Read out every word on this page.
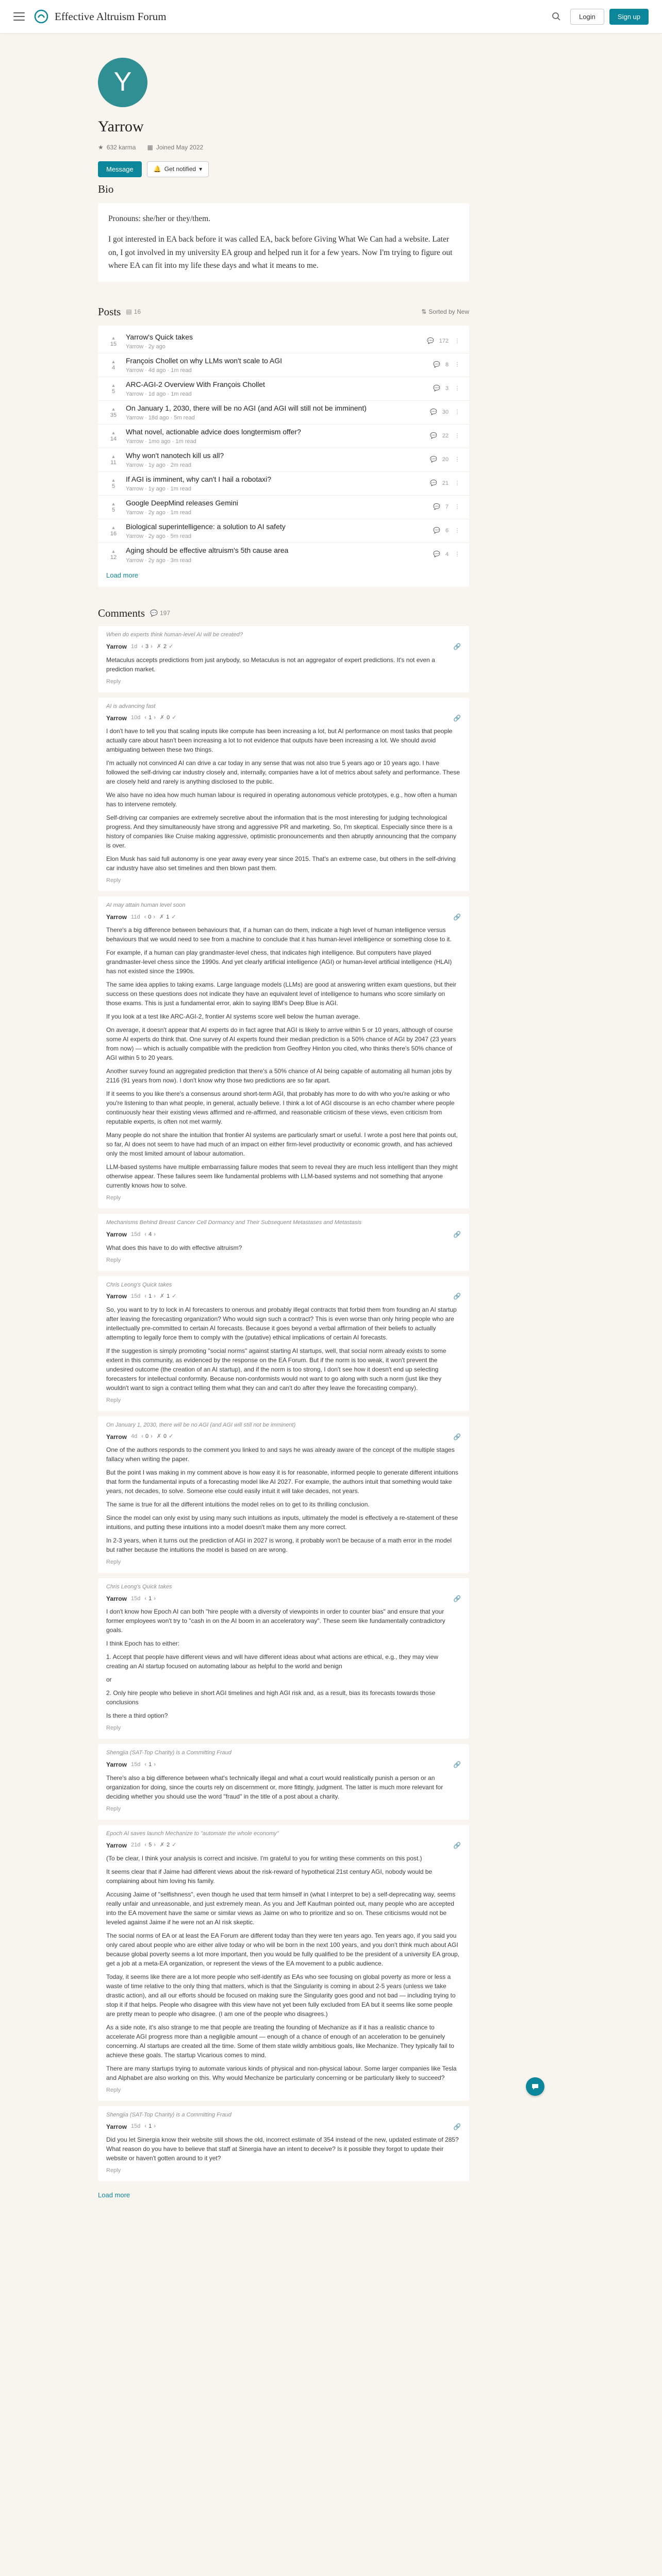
Effective Altruism Forum	Login	Sign up
Y
Yarrow
★ 632 karma ▦ Joined May 2022
Message	🔔 Get notified ▾
Bio

Pronouns: she/her or they/them.

I got interested in EA back before it was called EA, back before Giving What We Can had a website. Later on, I got involved in my university EA group and helped run it for a few years. Now I'm trying to figure out where EA can fit into my life these days and what it means to me.

Posts ▤ 16	⇅ Sorted by New
▲
15
Yarrow's Quick takes
Yarrow · 2y ago
💬 172 ⋮
▲
4
François Chollet on why LLMs won't scale to AGI
Yarrow · 4d ago · 1m read
💬 8 ⋮
▲
5
ARC-AGI-2 Overview With François Chollet
Yarrow · 1d ago · 1m read
💬 3 ⋮
▲
35
On January 1, 2030, there will be no AGI (and AGI will still not be imminent)
Yarrow · 18d ago · 5m read
💬 30 ⋮
▲
14
What novel, actionable advice does longtermism offer?
Yarrow · 1mo ago · 1m read
💬 22 ⋮
▲
11
Why won't nanotech kill us all?
Yarrow · 1y ago · 2m read
💬 20 ⋮
▲
5
If AGI is imminent, why can't I hail a robotaxi?
Yarrow · 1y ago · 1m read
💬 21 ⋮
▲
5
Google DeepMind releases Gemini
Yarrow · 2y ago · 1m read
💬 7 ⋮
▲
16
Biological superintelligence: a solution to AI safety
Yarrow · 2y ago · 5m read
💬 6 ⋮
▲
12
Aging should be effective altruism's 5th cause area
Yarrow · 2y ago · 3m read
💬 4 ⋮
Load more
Comments 💬 197
When do experts think human-level AI will be created?
Yarrow 1d ‹ 3 › ✗ 2 ✓	🔗

Metaculus accepts predictions from just anybody, so Metaculus is not an aggregator of expert predictions. It's not even a prediction market.

Reply
AI is advancing fast
Yarrow 10d ‹ 1 › ✗ 0 ✓	🔗

I don't have to tell you that scaling inputs like compute has been increasing a lot, but AI performance on most tasks that people actually care about hasn't been increasing a lot to not evidence that outputs have been increasing a lot. We should avoid ambiguating between these two things.

I'm actually not convinced AI can drive a car today in any sense that was not also true 5 years ago or 10 years ago. I have followed the self-driving car industry closely and, internally, companies have a lot of metrics about safety and performance. These are closely held and rarely is anything disclosed to the public.

We also have no idea how much human labour is required in operating autonomous vehicle prototypes, e.g., how often a human has to intervene remotely.

Self-driving car companies are extremely secretive about the information that is the most interesting for judging technological progress. And they simultaneously have strong and aggressive PR and marketing. So, I'm skeptical. Especially since there is a history of companies like Cruise making aggressive, optimistic pronouncements and then abruptly announcing that the company is over.

Elon Musk has said full autonomy is one year away every year since 2015. That's an extreme case, but others in the self-driving car industry have also set timelines and then blown past them.

Reply
AI may attain human level soon
Yarrow 11d ‹ 0 › ✗ 1 ✓	🔗

There's a big difference between behaviours that, if a human can do them, indicate a high level of human intelligence versus behaviours that we would need to see from a machine to conclude that it has human-level intelligence or something close to it.

For example, if a human can play grandmaster-level chess, that indicates high intelligence. But computers have played grandmaster-level chess since the 1990s. And yet clearly artificial intelligence (AGI) or human-level artificial intelligence (HLAI) has not existed since the 1990s.

The same idea applies to taking exams. Large language models (LLMs) are good at answering written exam questions, but their success on these questions does not indicate they have an equivalent level of intelligence to humans who score similarly on those exams. This is just a fundamental error, akin to saying IBM's Deep Blue is AGI.

If you look at a test like ARC-AGI-2, frontier AI systems score well below the human average.

On average, it doesn't appear that AI experts do in fact agree that AGI is likely to arrive within 5 or 10 years, although of course some AI experts do think that. One survey of AI experts found their median prediction is a 50% chance of AGI by 2047 (23 years from now) — which is actually compatible with the prediction from Geoffrey Hinton you cited, who thinks there's 50% chance of AGI within 5 to 20 years.

Another survey found an aggregated prediction that there's a 50% chance of AI being capable of automating all human jobs by 2116 (91 years from now). I don't know why those two predictions are so far apart.

If it seems to you like there's a consensus around short-term AGI, that probably has more to do with who you're asking or who you're listening to than what people, in general, actually believe. I think a lot of AGI discourse is an echo chamber where people continuously hear their existing views affirmed and re-affirmed, and reasonable criticism of these views, even criticism from reputable experts, is often not met warmly.

Many people do not share the intuition that frontier AI systems are particularly smart or useful. I wrote a post here that points out, so far, AI does not seem to have had much of an impact on either firm-level productivity or economic growth, and has achieved only the most limited amount of labour automation.

LLM-based systems have multiple embarrassing failure modes that seem to reveal they are much less intelligent than they might otherwise appear. These failures seem like fundamental problems with LLM-based systems and not something that anyone currently knows how to solve.

Reply
Mechanisms Behind Breast Cancer Cell Dormancy and Their Subsequent Metastases and Metastasis
Yarrow 15d ‹ 4 ›	🔗

What does this have to do with effective altruism?

Reply
Chris Leong's Quick takes
Yarrow 15d ‹ 1 › ✗ 1 ✓	🔗

So, you want to try to lock in AI forecasters to onerous and probably illegal contracts that forbid them from founding an AI startup after leaving the forecasting organization? Who would sign such a contract? This is even worse than only hiring people who are intellectually pre-committed to certain AI forecasts. Because it goes beyond a verbal affirmation of their beliefs to actually attempting to legally force them to comply with the (putative) ethical implications of certain AI forecasts.

If the suggestion is simply promoting "social norms" against starting AI startups, well, that social norm already exists to some extent in this community, as evidenced by the response on the EA Forum. But if the norm is too weak, it won't prevent the undesired outcome (the creation of an AI startup), and if the norm is too strong, I don't see how it doesn't end up selecting forecasters for intellectual conformity. Because non-conformists would not want to go along with such a norm (just like they wouldn't want to sign a contract telling them what they can and can't do after they leave the forecasting company).

Reply
On January 1, 2030, there will be no AGI (and AGI will still not be imminent)
Yarrow 4d ‹ 0 › ✗ 0 ✓	🔗

One of the authors responds to the comment you linked to and says he was already aware of the concept of the multiple stages fallacy when writing the paper.

But the point I was making in my comment above is how easy it is for reasonable, informed people to generate different intuitions that form the fundamental inputs of a forecasting model like AI 2027. For example, the authors intuit that something would take years, not decades, to solve. Someone else could easily intuit it will take decades, not years.

The same is true for all the different intuitions the model relies on to get to its thrilling conclusion.

Since the model can only exist by using many such intuitions as inputs, ultimately the model is effectively a re-statement of these intuitions, and putting these intuitions into a model doesn't make them any more correct.

In 2-3 years, when it turns out the prediction of AGI in 2027 is wrong, it probably won't be because of a math error in the model but rather because the intuitions the model is based on are wrong.

Reply
Chris Leong's Quick takes
Yarrow 15d ‹ 1 ›	🔗

I don't know how Epoch AI can both "hire people with a diversity of viewpoints in order to counter bias" and ensure that your former employees won't try to "cash in on the AI boom in an acceleratory way". These seem like fundamentally contradictory goals.

I think Epoch has to either:

1. Accept that people have different views and will have different ideas about what actions are ethical, e.g., they may view creating an AI startup focused on automating labour as helpful to the world and benign

or

2. Only hire people who believe in short AGI timelines and high AGI risk and, as a result, bias its forecasts towards those conclusions

Is there a third option?

Reply
Shengjia (SAT-Top Charity) is a Committing Fraud
Yarrow 15d ‹ 1 ›	🔗

There's also a big difference between what's technically illegal and what a court would realistically punish a person or an organization for doing, since the courts rely on discernment or, more fittingly, judgment. The latter is much more relevant for deciding whether you should use the word "fraud" in the title of a post about a charity.

Reply
Epoch AI saves launch Mechanize to "automate the whole economy"
Yarrow 21d ‹ 5 › ✗ 2 ✓	🔗

(To be clear, I think your analysis is correct and incisive. I'm grateful to you for writing these comments on this post.)

It seems clear that if Jaime had different views about the risk-reward of hypothetical 21st century AGI, nobody would be complaining about him loving his family.

Accusing Jaime of "selfishness", even though he used that term himself in (what I interpret to be) a self-deprecating way, seems really unfair and unreasonable, and just extremely mean. As you and Jeff Kaufman pointed out, many people who are accepted into the EA movement have the same or similar views as Jaime on who to prioritize and so on. These criticisms would not be leveled against Jaime if he were not an AI risk skeptic.

The social norms of EA or at least the EA Forum are different today than they were ten years ago. Ten years ago, if you said you only cared about people who are either alive today or who will be born in the next 100 years, and you don't think much about AGI because global poverty seems a lot more important, then you would be fully qualified to be the president of a university EA group, get a job at a meta-EA organization, or represent the views of the EA movement to a public audience.

Today, it seems like there are a lot more people who self-identify as EAs who see focusing on global poverty as more or less a waste of time relative to the only thing that matters, which is that the Singularity is coming in about 2-5 years (unless we take drastic action), and all our efforts should be focused on making sure the Singularity goes good and not bad — including trying to stop it if that helps. People who disagree with this view have not yet been fully excluded from EA but it seems like some people are pretty mean to people who disagree. (I am one of the people who disagrees.)

As a side note, it's also strange to me that people are treating the founding of Mechanize as if it has a realistic chance to accelerate AGI progress more than a negligible amount — enough of a chance of enough of an acceleration to be genuinely concerning. AI startups are created all the time. Some of them state wildly ambitious goals, like Mechanize. They typically fail to achieve these goals. The startup Vicarious comes to mind.

There are many startups trying to automate various kinds of physical and non-physical labour. Some larger companies like Tesla and Alphabet are also working on this. Why would Mechanize be particularly concerning or be particularly likely to succeed?

Reply
Shengjia (SAT-Top Charity) is a Committing Fraud
Yarrow 15d ‹ 1 ›	🔗

Did you let Sinergia know their website still shows the old, incorrect estimate of 354 instead of the new, updated estimate of 285? What reason do you have to believe that staff at Sinergia have an intent to deceive? Is it possible they forgot to update their website or haven't gotten around to it yet?

Reply
Load more
